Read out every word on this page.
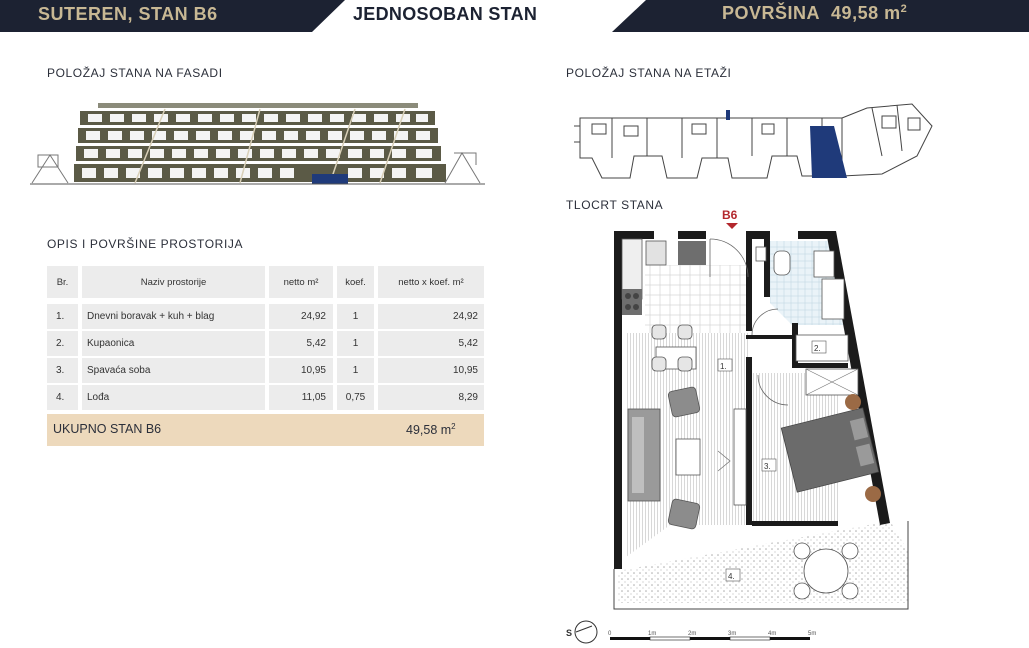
SUTEREN, STAN B6	JEDNOSOBAN STAN	POVRŠINA 49,58 $m^2$
POLOŽAJ STANA NA FASADI	POLOŽAJ STANA NA ETAŽI
TLOCRT STANA
OPIS I POVRŠINE PROSTORIJA
Br.	Naziv prostorije	netto m²	koef.	netto x koef. m²
1.	Dnevni boravak + kuh + blag	24,92	1	24,92
2.	Kupaonica	5,42	1	5,42
3.	Spavaća soba	10,95	1	10,95
4.	Lođa	11,05	0,75	8,29
UKUPNO STAN B6	49,58 $m^2$
B6
1.
2.
3.
4.
S	0	1m	2m	3m	4m	5m
